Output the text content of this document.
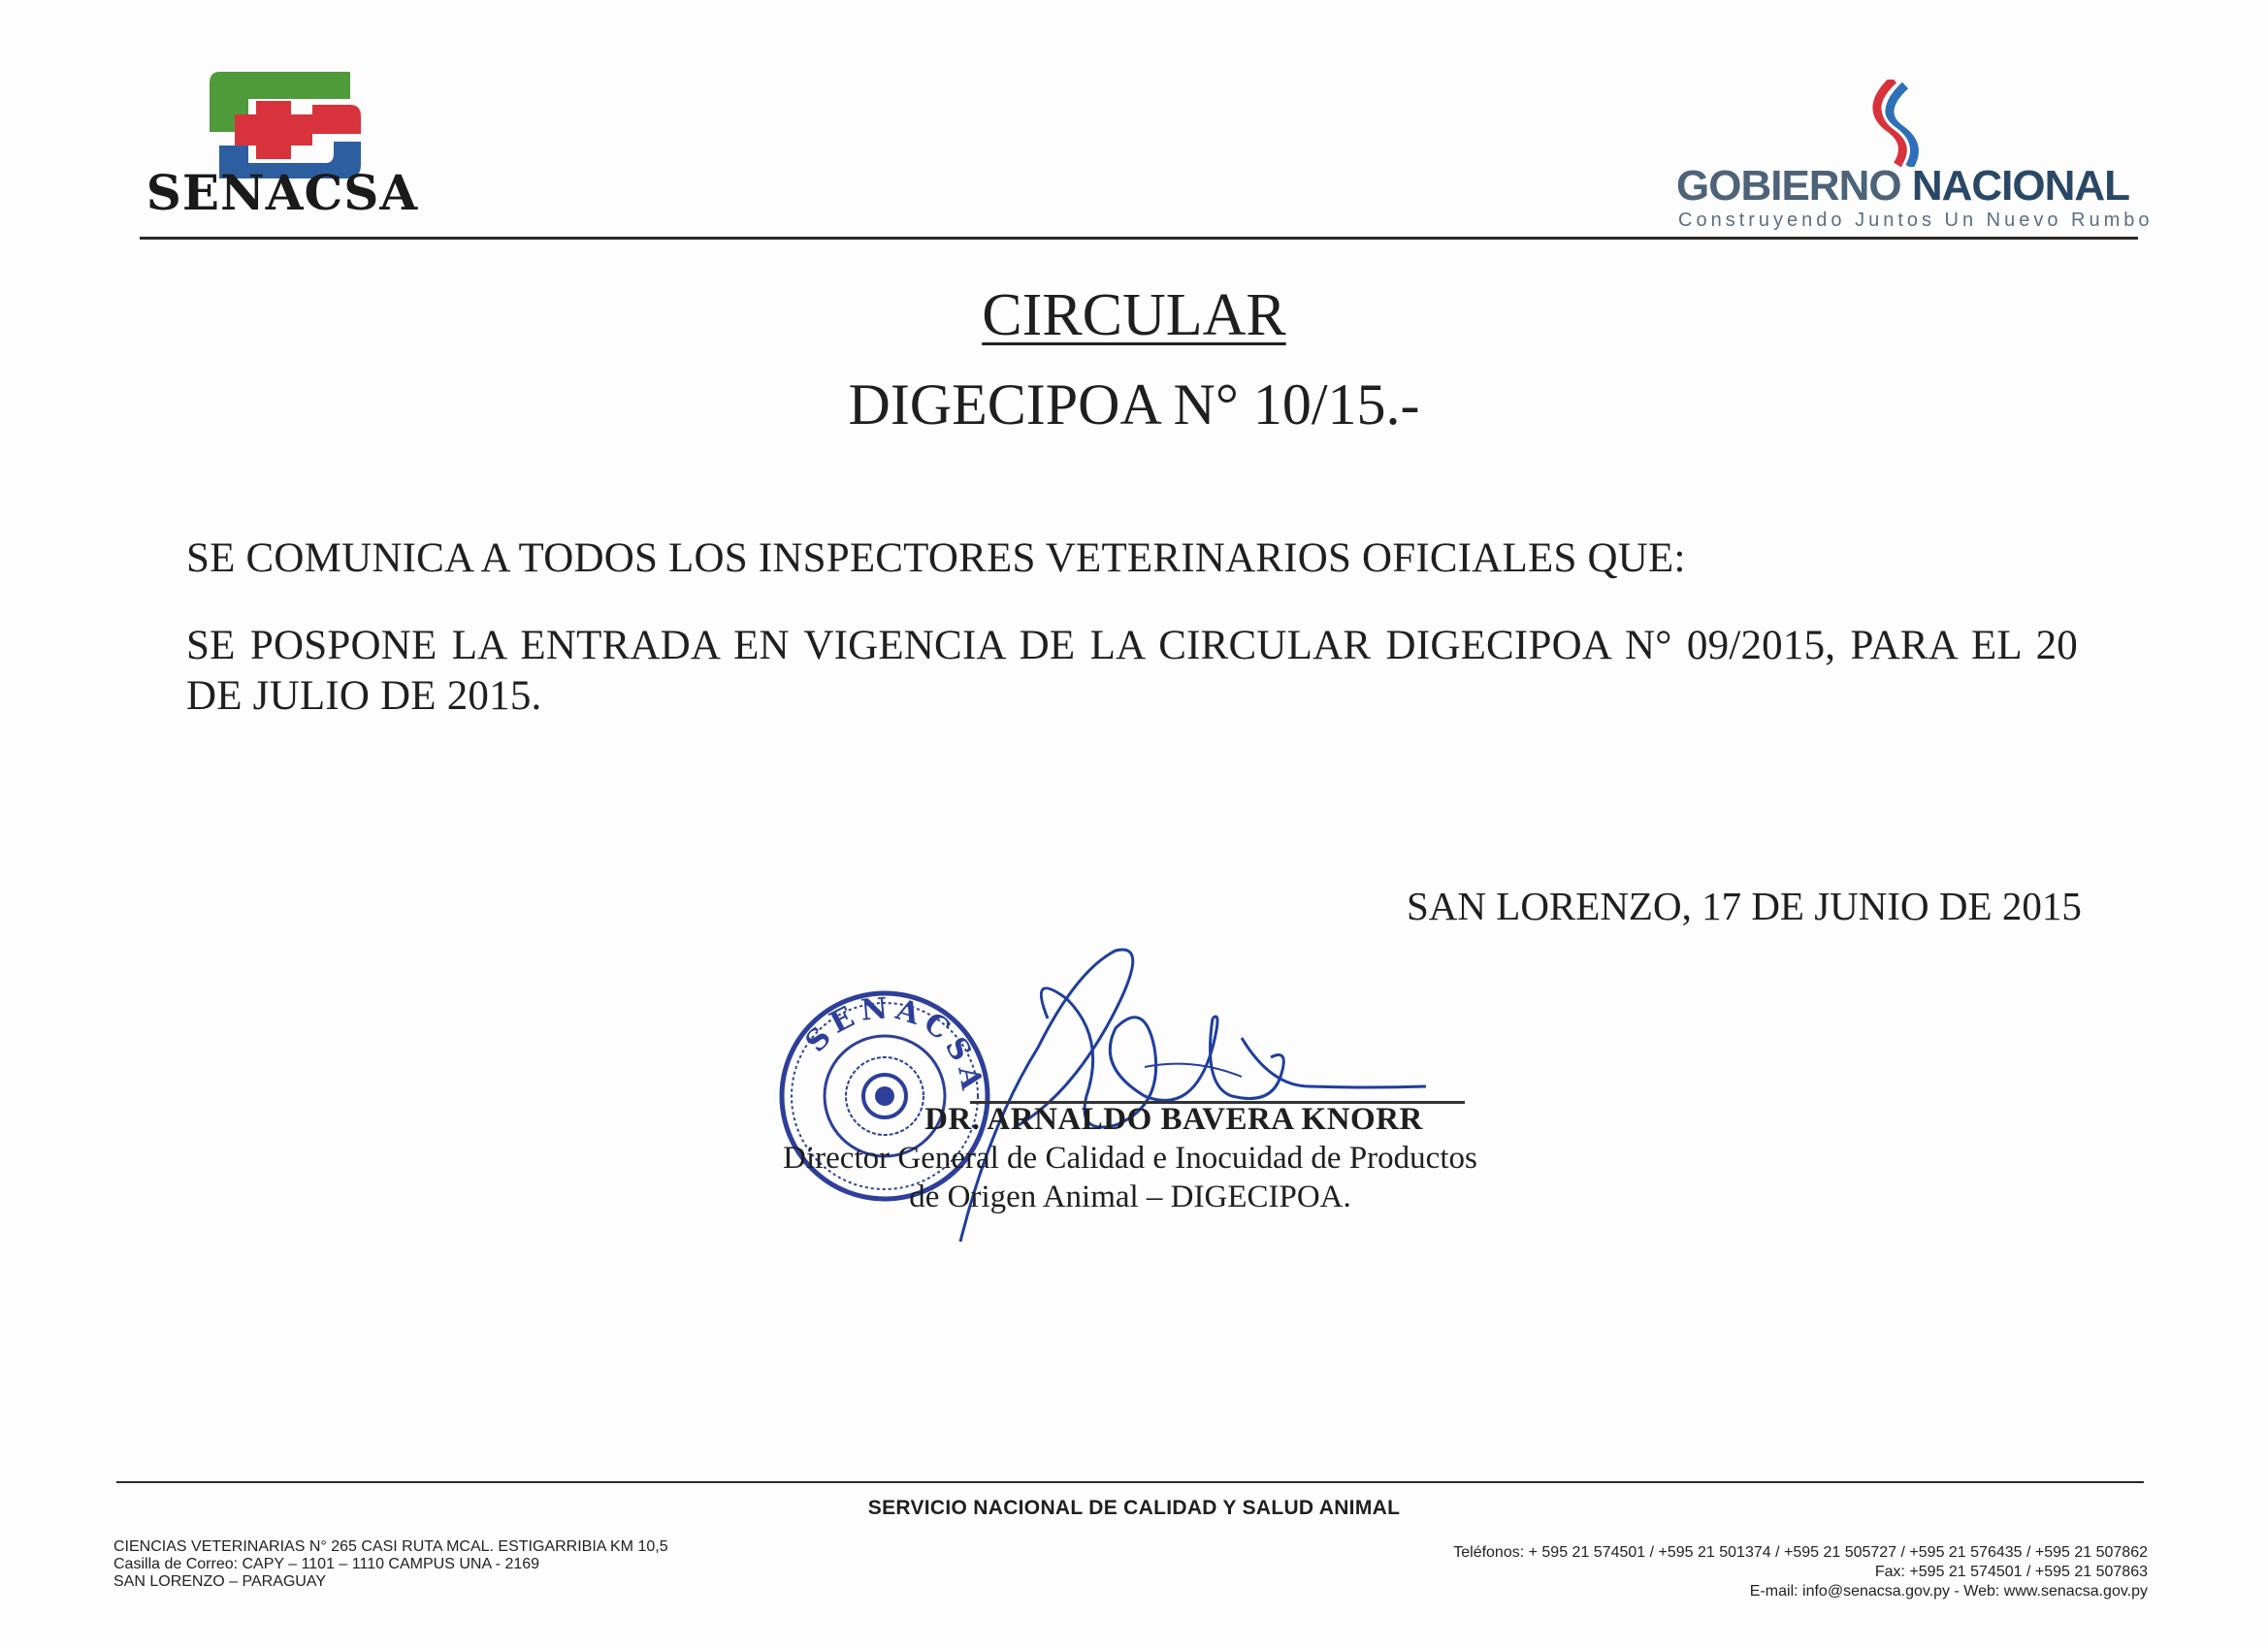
SENACSA	GOBIERNO NACIONAL
Construyendo Juntos Un Nuevo Rumbo
CIRCULAR
DIGECIPOA N° 10/15.-
SE COMUNICA A TODOS LOS INSPECTORES VETERINARIOS OFICIALES QUE:
SE POSPONE LA ENTRADA EN VIGENCIA DE LA CIRCULAR DIGECIPOA N° 09/2015, PARA EL 20 DE JULIO DE 2015.
SAN LORENZO, 17 DE JUNIO DE 2015
SENACSA
DR. ARNALDO BAVERA KNORR
Director General de Calidad e Inocuidad de Productos
de Origen Animal – DIGECIPOA.
SERVICIO NACIONAL DE CALIDAD Y SALUD ANIMAL
CIENCIAS VETERINARIAS N° 265 CASI RUTA MCAL. ESTIGARRIBIA KM 10,5
Casilla de Correo: CAPY – 1101 – 1110 CAMPUS UNA - 2169
SAN LORENZO – PARAGUAY
Teléfonos: + 595 21 574501 / +595 21 501374 / +595 21 505727 / +595 21 576435 / +595 21 507862
Fax: +595 21 574501 / +595 21 507863
E-mail: info@senacsa.gov.py - Web: www.senacsa.gov.py
